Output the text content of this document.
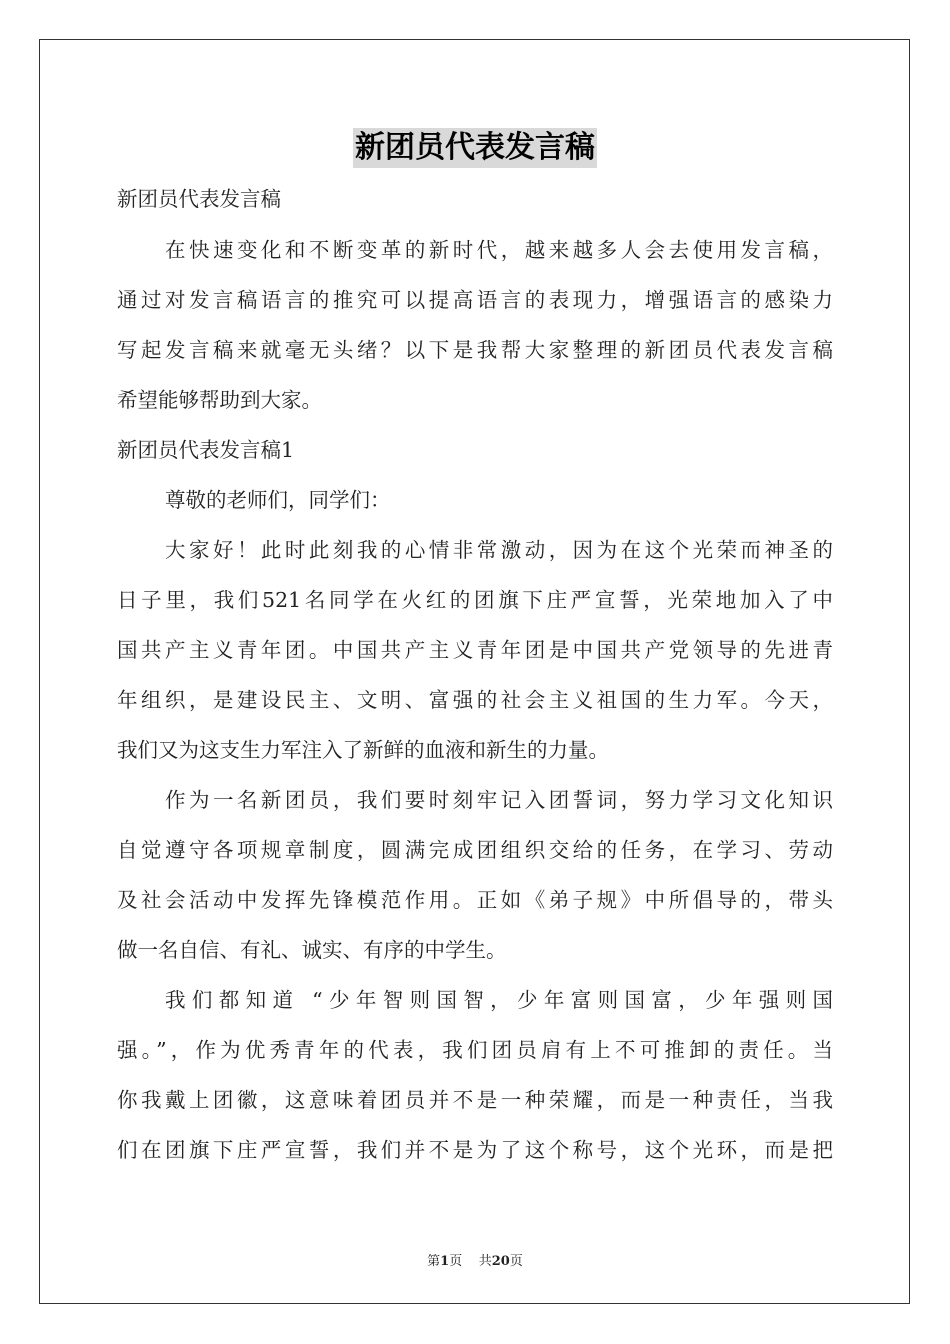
新团员代表发言稿
新团员代表发言稿
在快速变化和不断变革的新时代，越来越多人会去使用发言稿，
通过对发言稿语言的推究可以提高语言的表现力，增强语言的感染力
写起发言稿来就毫无头绪？以下是我帮大家整理的新团员代表发言稿
希望能够帮助到大家。
新团员代表发言稿1
尊敬的老师们，同学们：
大家好！此时此刻我的心情非常激动，因为在这个光荣而神圣的
日子里，我们521名同学在火红的团旗下庄严宣誓，光荣地加入了中
国共产主义青年团。中国共产主义青年团是中国共产党领导的先进青
年组织，是建设民主、文明、富强的社会主义祖国的生力军。今天，
我们又为这支生力军注入了新鲜的血液和新生的力量。
作为一名新团员，我们要时刻牢记入团誓词，努力学习文化知识
自觉遵守各项规章制度，圆满完成团组织交给的任务，在学习、劳动
及社会活动中发挥先锋模范作用。正如《弟子规》中所倡导的，带头
做一名自信、有礼、诚实、有序的中学生。
我们都知道 “少年智则国智，少年富则国富，少年强则国
强。”，作为优秀青年的代表，我们团员肩有上不可推卸的责任。当
你我戴上团徽，这意味着团员并不是一种荣耀，而是一种责任，当我
们在团旗下庄严宣誓，我们并不是为了这个称号，这个光环，而是把
第1页 共20页
